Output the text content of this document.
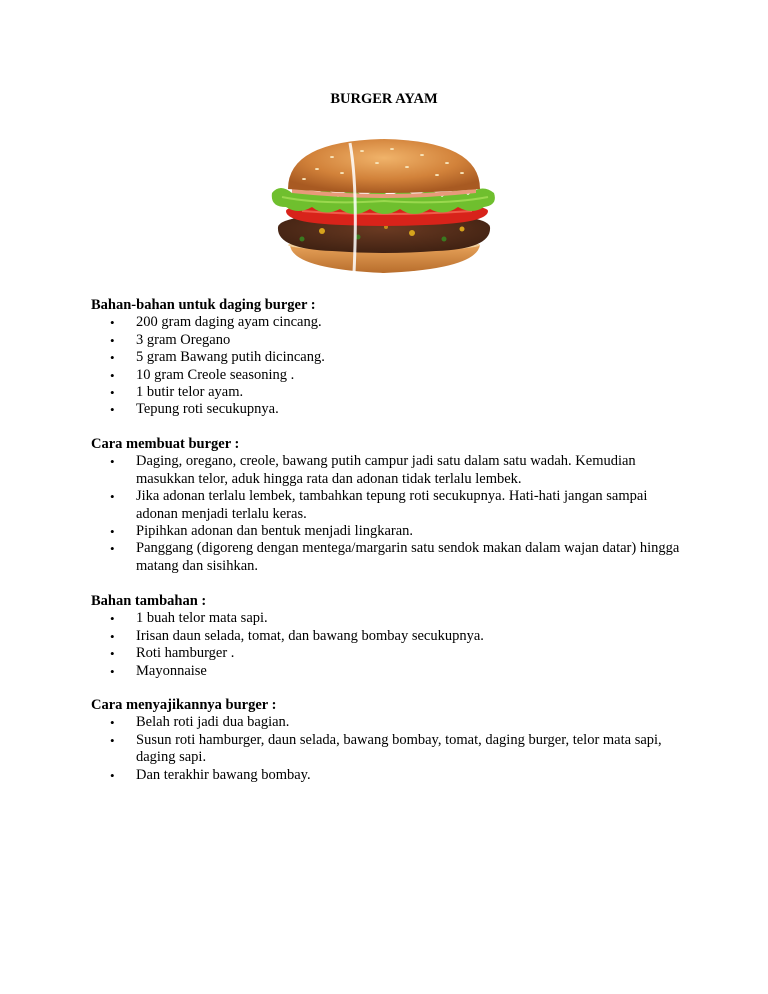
BURGER AYAM
Bahan-bahan untuk daging burger :
• 200 gram daging ayam cincang.
• 3 gram Oregano
• 5 gram Bawang putih dicincang.
• 10 gram Creole seasoning .
• 1 butir telor ayam.
• Tepung roti secukupnya.
Cara membuat burger :
• Daging, oregano, creole, bawang putih campur jadi satu dalam satu wadah. Kemudian masukkan telor, aduk hingga rata dan adonan tidak terlalu lembek.
• Jika adonan terlalu lembek, tambahkan tepung roti secukupnya. Hati-hati jangan sampai adonan menjadi terlalu keras.
• Pipihkan adonan dan bentuk menjadi lingkaran.
• Panggang (digoreng dengan mentega/margarin satu sendok makan dalam wajan datar) hingga matang dan sisihkan.
Bahan tambahan :
• 1 buah telor mata sapi.
• Irisan daun selada, tomat, dan bawang bombay secukupnya.
• Roti hamburger .
• Mayonnaise
Cara menyajikannya burger :
• Belah roti jadi dua bagian.
• Susun roti hamburger, daun selada, bawang bombay, tomat, daging burger, telor mata sapi, daging sapi.
• Dan terakhir bawang bombay.
